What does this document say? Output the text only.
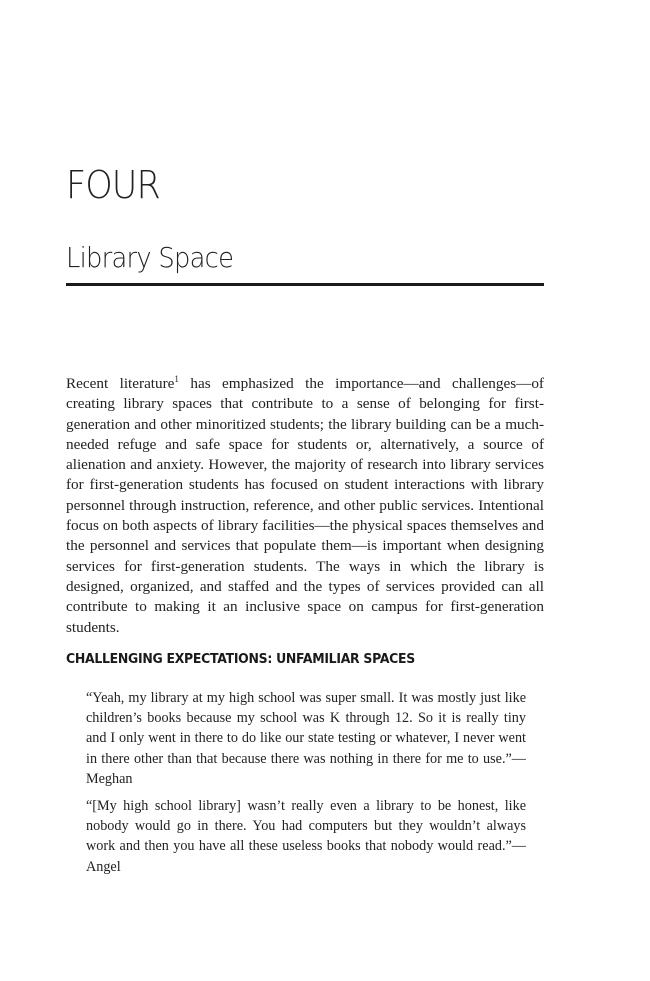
FOUR
Library Space

Recent literature$^1$ has emphasized the importance—and challenges—of creating library spaces that contribute to a sense of belonging for first-generation and other minoritized students; the library building can be a much-needed refuge and safe space for students or, alternatively, a source of alienation and anxiety. However, the majority of research into library services for first-generation students has focused on student interactions with library personnel through instruction, reference, and other public services. Intentional focus on both aspects of library facilities—the physical spaces themselves and the personnel and services that populate them—is important when designing services for first-generation students. The ways in which the library is designed, organized, and staffed and the types of services provided can all contribute to making it an inclusive space on campus for first-generation students.

CHALLENGING EXPECTATIONS: UNFAMILIAR SPACES

“Yeah, my library at my high school was super small. It was mostly just like children’s books because my school was K through 12. So it is really tiny and I only went in there to do like our state testing or whatever, I never went in there other than that because there was nothing in there for me to use.”—Meghan

“[My high school library] wasn’t really even a library to be honest, like nobody would go in there. You had computers but they wouldn’t always work and then you have all these useless books that nobody would read.”—Angel
